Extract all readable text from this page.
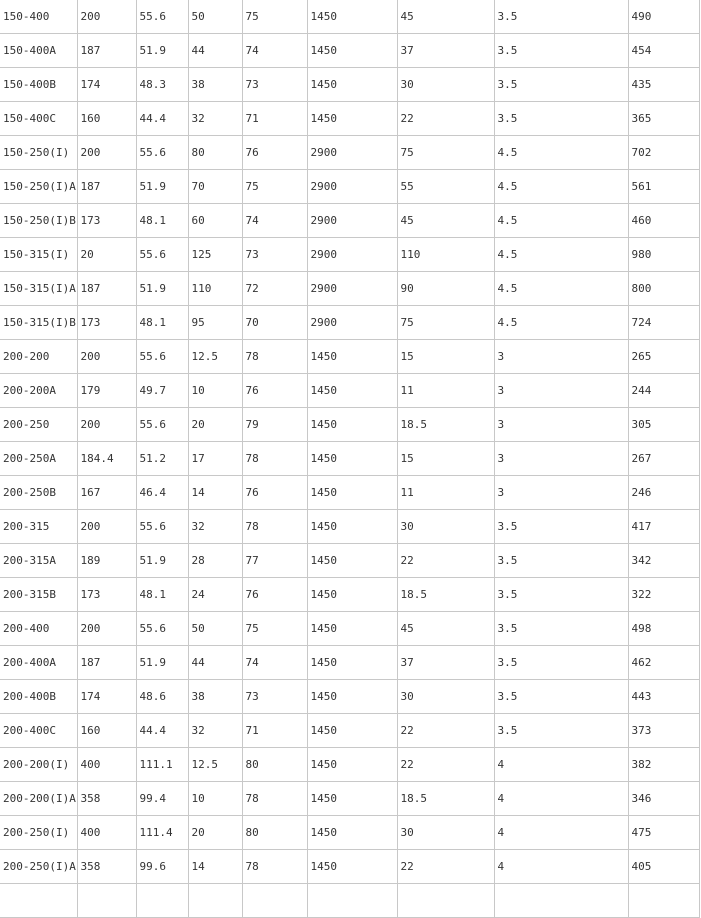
150-400	200	55.6	50	75	1450	45	3.5	490
150-400A	187	51.9	44	74	1450	37	3.5	454
150-400B	174	48.3	38	73	1450	30	3.5	435
150-400C	160	44.4	32	71	1450	22	3.5	365
150-250(I)	200	55.6	80	76	2900	75	4.5	702
150-250(I)A	187	51.9	70	75	2900	55	4.5	561
150-250(I)B	173	48.1	60	74	2900	45	4.5	460
150-315(I)	20	55.6	125	73	2900	110	4.5	980
150-315(I)A	187	51.9	110	72	2900	90	4.5	800
150-315(I)B	173	48.1	95	70	2900	75	4.5	724
200-200	200	55.6	12.5	78	1450	15	3	265
200-200A	179	49.7	10	76	1450	11	3	244
200-250	200	55.6	20	79	1450	18.5	3	305
200-250A	184.4	51.2	17	78	1450	15	3	267
200-250B	167	46.4	14	76	1450	11	3	246
200-315	200	55.6	32	78	1450	30	3.5	417
200-315A	189	51.9	28	77	1450	22	3.5	342
200-315B	173	48.1	24	76	1450	18.5	3.5	322
200-400	200	55.6	50	75	1450	45	3.5	498
200-400A	187	51.9	44	74	1450	37	3.5	462
200-400B	174	48.6	38	73	1450	30	3.5	443
200-400C	160	44.4	32	71	1450	22	3.5	373
200-200(I)	400	111.1	12.5	80	1450	22	4	382
200-200(I)A	358	99.4	10	78	1450	18.5	4	346
200-250(I)	400	111.4	20	80	1450	30	4	475
200-250(I)A	358	99.6	14	78	1450	22	4	405
